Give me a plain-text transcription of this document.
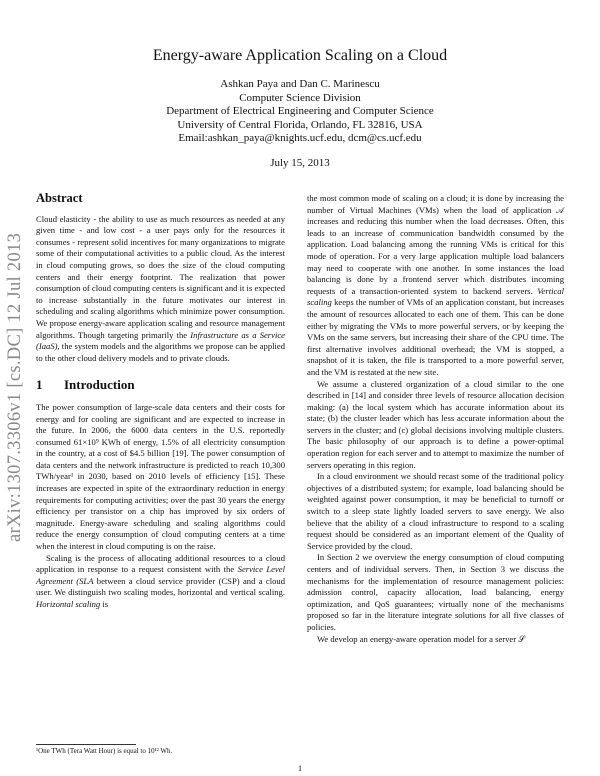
arXiv:1307.3306v1 [cs.DC] 12 Jul 2013
Energy-aware Application Scaling on a Cloud
Ashkan Paya and Dan C. Marinescu
Computer Science Division
Department of Electrical Engineering and Computer Science
University of Central Florida, Orlando, FL 32816, USA
Email:ashkan_paya@knights.ucf.edu, dcm@cs.ucf.edu
July 15, 2013
Abstract

Cloud elasticity - the ability to use as much resources as needed at any given time - and low cost - a user pays only for the resources it consumes - represent solid incentives for many organizations to migrate some of their computational activities to a public cloud. As the interest in cloud computing grows, so does the size of the cloud computing centers and their energy footprint. The realization that power consumption of cloud computing centers is significant and it is expected to increase substantially in the future motivates our interest in scheduling and scaling algorithms which minimize power consumption. We propose energy-aware application scaling and resource management algorithms. Though targeting primarily the Infrastructure as a Service (IaaS), the system models and the algorithms we propose can be applied to the other cloud delivery models and to private clouds.

1 Introduction

The power consumption of large-scale data centers and their costs for energy and for cooling are significant and are expected to increase in the future. In 2006, the 6000 data centers in the U.S. reportedly consumed 61×10⁹ KWh of energy, 1.5% of all electricity consumption in the country, at a cost of $4.5 billion [19]. The power consumption of data centers and the network infrastructure is predicted to reach 10,300 TWh/year¹ in 2030, based on 2010 levels of efficiency [15]. These increases are expected in spite of the extraordinary reduction in energy requirements for computing activities; over the past 30 years the energy efficiency per transistor on a chip has improved by six orders of magnitude. Energy-aware scheduling and scaling algorithms could reduce the energy consumption of cloud computing centers at a time when the interest in cloud computing is on the raise.

Scaling is the process of allocating additional resources to a cloud application in response to a request consistent with the Service Level Agreement (SLA between a cloud service provider (CSP) and a cloud user. We distinguish two scaling modes, horizontal and vertical scaling. Horizontal scaling is

the most common mode of scaling on a cloud; it is done by increasing the number of Virtual Machines (VMs) when the load of application 𝒜 increases and reducing this number when the load decreases. Often, this leads to an increase of communication bandwidth consumed by the application. Load balancing among the running VMs is critical for this mode of operation. For a very large application multiple load balancers may need to cooperate with one another. In some instances the load balancing is done by a frontend server which distributes incoming requests of a transaction-oriented system to backend servers. Vertical scaling keeps the number of VMs of an application constant, but increases the amount of resources allocated to each one of them. This can be done either by migrating the VMs to more powerful servers, or by keeping the VMs on the same servers, but increasing their share of the CPU time. The first alternative involves additional overhead; the VM is stopped, a snapshot of it is taken, the file is transported to a more powerful server, and the VM is restated at the new site.

We assume a clustered organization of a cloud similar to the one described in [14] and consider three levels of resource allocation decision making: (a) the local system which has accurate information about its state; (b) the cluster leader which has less accurate information about the servers in the cluster; and (c) global decisions involving multiple clusters. The basic philosophy of our approach is to define a power-optimal operation region for each server and to attempt to maximize the number of servers operating in this region.

In a cloud environment we should recast some of the traditional policy objectives of a distributed system; for example, load balancing should be weighted against power consumption, it may be beneficial to turnoff or switch to a sleep state lightly loaded servers to save energy. We also believe that the ability of a cloud infrastructure to respond to a scaling request should be considered as an important element of the Quality of Service provided by the cloud.

In Section 2 we overview the energy consumption of cloud computing centers and of individual servers. Then, in Section 3 we discuss the mechanisms for the implementation of resource management policies: admission control, capacity allocation, load balancing, energy optimization, and QoS guarantees; virtually none of the mechanisms proposed so far in the literature integrate solutions for all five classes of policies.

We develop an energy-aware operation model for a server 𝒮

¹One TWh (Tera Watt Hour) is equal to 10¹² Wh.
1
